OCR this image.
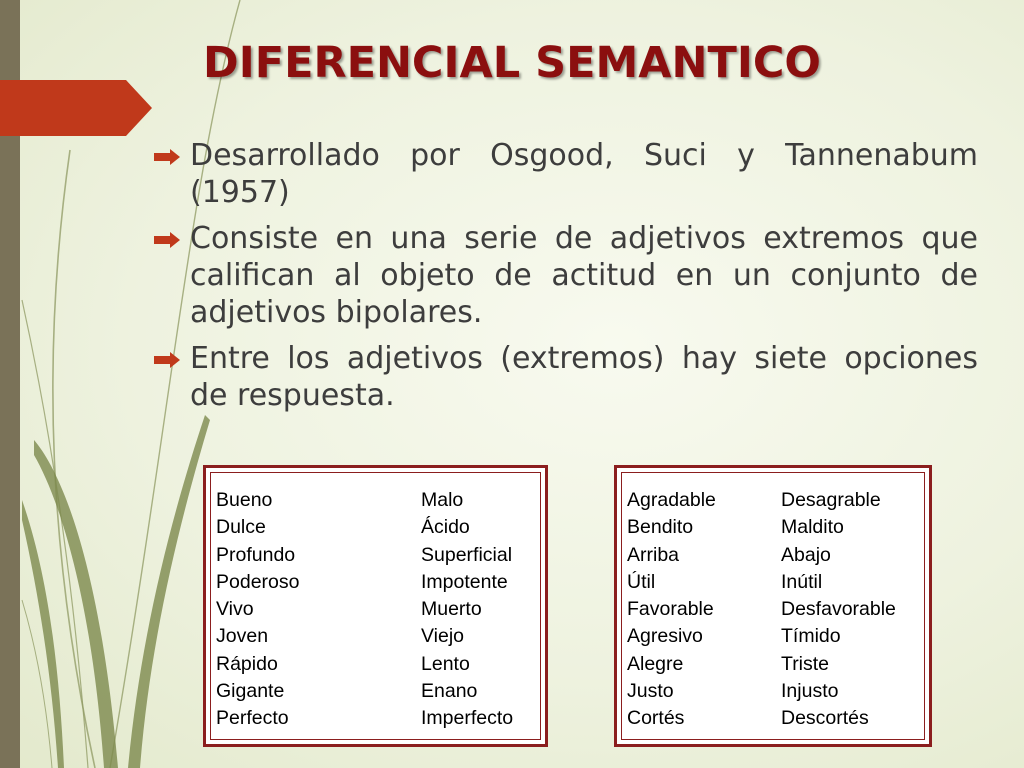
DIFERENCIAL SEMANTICO
Desarrollado por Osgood, Suci y Tannenabum (1957)
Consiste en una serie de adjetivos extremos que califican al objeto de actitud en un conjunto de adjetivos bipolares.
Entre los adjetivos (extremos) hay siete opciones de respuesta.
Bueno
Dulce
Profundo
Poderoso
Vivo
Joven
Rápido
Gigante
Perfecto
Malo
Ácido
Superficial
Impotente
Muerto
Viejo
Lento
Enano
Imperfecto
Agradable
Bendito
Arriba
Útil
Favorable
Agresivo
Alegre
Justo
Cortés
Desagrable
Maldito
Abajo
Inútil
Desfavorable
Tímido
Triste
Injusto
Descortés
